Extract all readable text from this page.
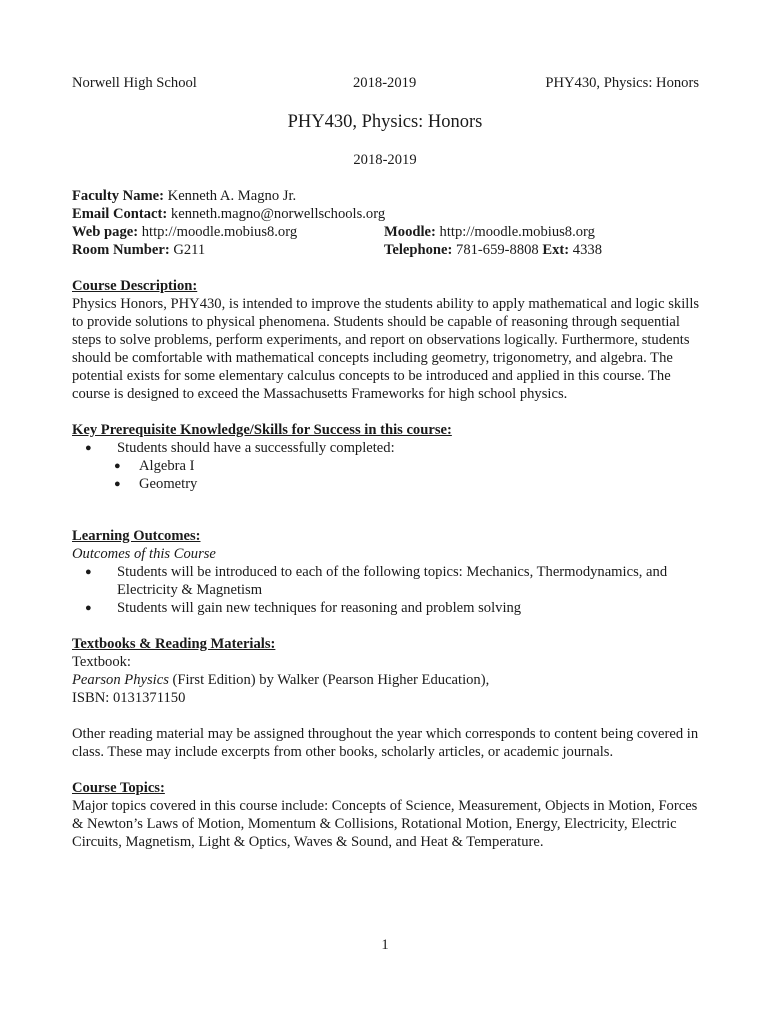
Norwell High School	2018-2019	PHY430, Physics: Honors
PHY430, Physics: Honors
2018-2019
Faculty Name: Kenneth A. Magno Jr.
Email Contact: kenneth.magno@norwellschools.org
Web page: http://moodle.mobius8.org	Moodle: http://moodle.mobius8.org
Room Number: G211	Telephone: 781-659-8808 Ext: 4338
Course Description:

Physics Honors, PHY430, is intended to improve the students ability to apply mathematical and logic skills to provide solutions to physical phenomena. Students should be capable of reasoning through sequential steps to solve problems, perform experiments, and report on observations logically. Furthermore, students should be comfortable with mathematical concepts including geometry, trigonometry, and algebra. The potential exists for some elementary calculus concepts to be introduced and applied in this course. The course is designed to exceed the Massachusetts Frameworks for high school physics.

Key Prerequisite Knowledge/Skills for Success in this course:
● Students should have a successfully completed:
● Algebra I
● Geometry
Learning Outcomes:
Outcomes of this Course
● Students will be introduced to each of the following topics: Mechanics, Thermodynamics, and Electricity & Magnetism
● Students will gain new techniques for reasoning and problem solving
Textbooks & Reading Materials:
Textbook:
Pearson Physics (First Edition) by Walker (Pearson Higher Education),
ISBN: 0131371150

Other reading material may be assigned throughout the year which corresponds to content being covered in class. These may include excerpts from other books, scholarly articles, or academic journals.

Course Topics:

Major topics covered in this course include: Concepts of Science, Measurement, Objects in Motion, Forces & Newton’s Laws of Motion, Momentum & Collisions, Rotational Motion, Energy, Electricity, Electric Circuits, Magnetism, Light & Optics, Waves & Sound, and Heat & Temperature.

1
